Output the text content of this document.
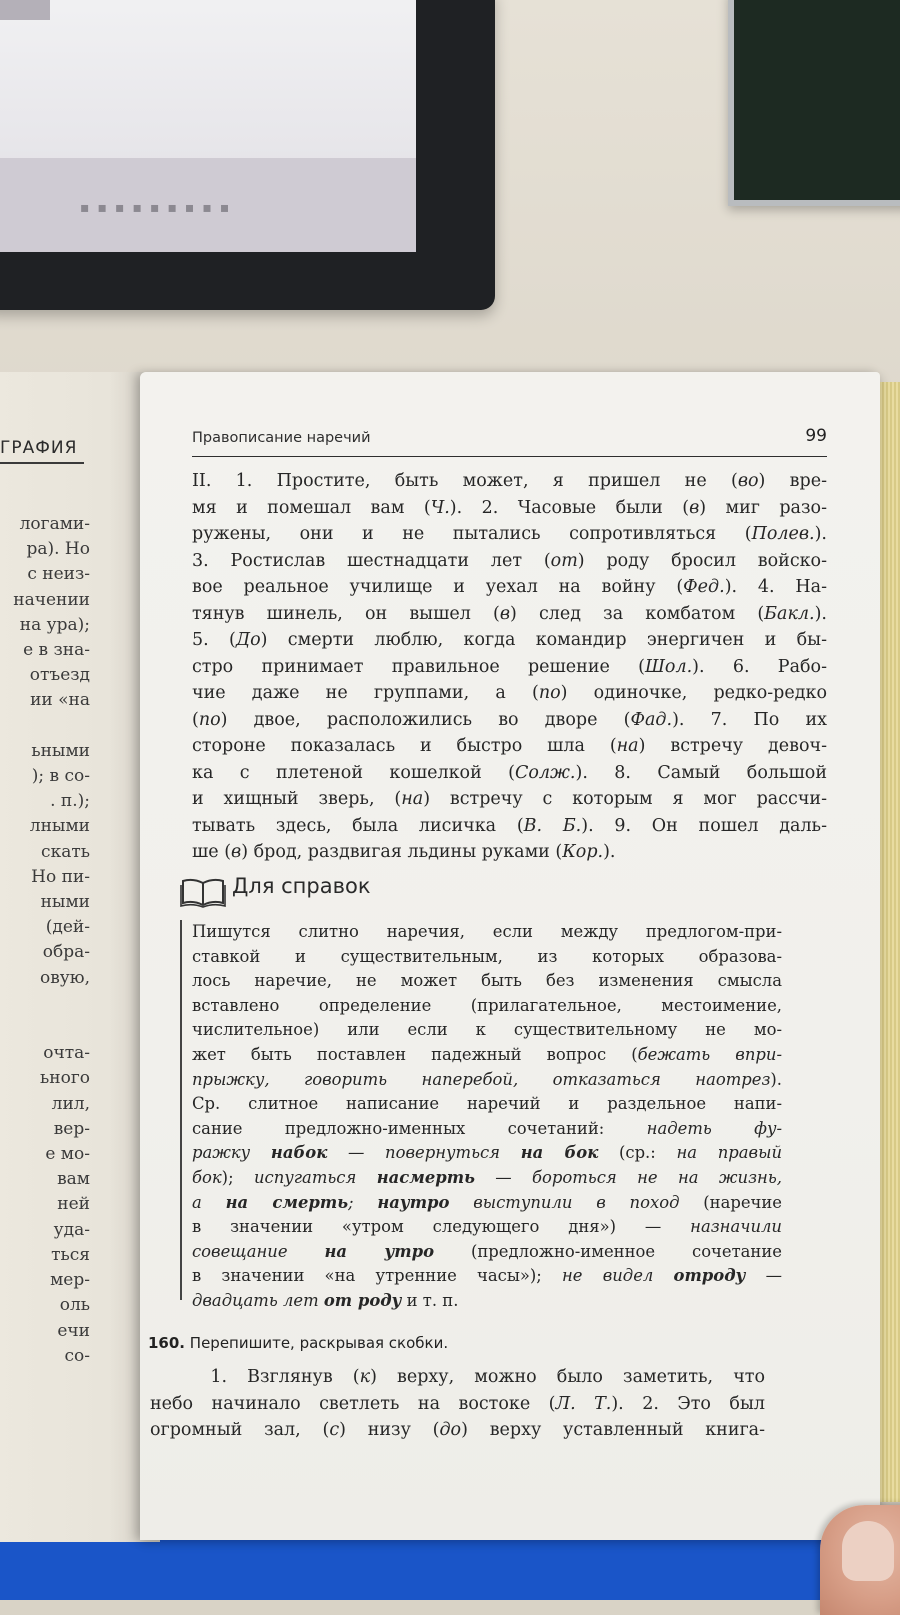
▪▪▪▪▪▪▪▪▪
ГРАФИЯ
логами-
ра). Но
с неиз-
начении
на ура);
е в зна-
отъезд
ии «на

ьными
); в со-
. п.);
лными
скать
Но пи-
ными
(дей-
обра-
овую,

очта-
ьного
лил,
вер-
е мо-
вам
ней
уда-
ться
мер-
оль
ечи
со-
Правописание наречий	99
II. 1. Простите, быть может, я пришел не (во) вре-
мя и помешал вам (Ч.). 2. Часовые были (в) миг разо-
ружены, они и не пытались сопротивляться (Полев.).
3. Ростислав шестнадцати лет (от) роду бросил войско-
вое реальное училище и уехал на войну (Фед.). 4. На-
тянув шинель, он вышел (в) след за комбатом (Бакл.).
5. (До) смерти люблю, когда командир энергичен и бы-
стро принимает правильное решение (Шол.). 6. Рабо-
чие даже не группами, а (по) одиночке, редко-редко
(по) двое, расположились во дворе (Фад.). 7. По их
стороне показалась и быстро шла (на) встречу девоч-
ка с плетеной кошелкой (Солж.). 8. Самый большой
и хищный зверь, (на) встречу с которым я мог рассчи-
тывать здесь, была лисичка (В. Б.). 9. Он пошел даль-
ше (в) брод, раздвигая льдины руками (Кор.).
Для справок
Пишутся слитно наречия, если между предлогом-при-
ставкой и существительным, из которых образова-
лось наречие, не может быть без изменения смысла
вставлено определение (прилагательное, местоимение,
числительное) или если к существительному не мо-
жет быть поставлен падежный вопрос (бежать впри-
прыжку, говорить наперебой, отказаться наотрез).
Ср. слитное написание наречий и раздельное напи-
сание предложно-именных сочетаний: надеть фу-
ражку набок — повернуться на бок (ср.: на правый
бок); испугаться насмерть — бороться не на жизнь,
а на смерть; наутро выступили в поход (наречие
в значении «утром следующего дня») — назначили
совещание на утро (предложно-именное сочетание
в значении «на утренние часы»); не видел отроду —
двадцать лет от роду и т. п.
160. Перепишите, раскрывая скобки.
1. Взглянув (к) верху, можно было заметить, что
небо начинало светлеть на востоке (Л. Т.). 2. Это был
огромный зал, (с) низу (до) верху уставленный книга-
